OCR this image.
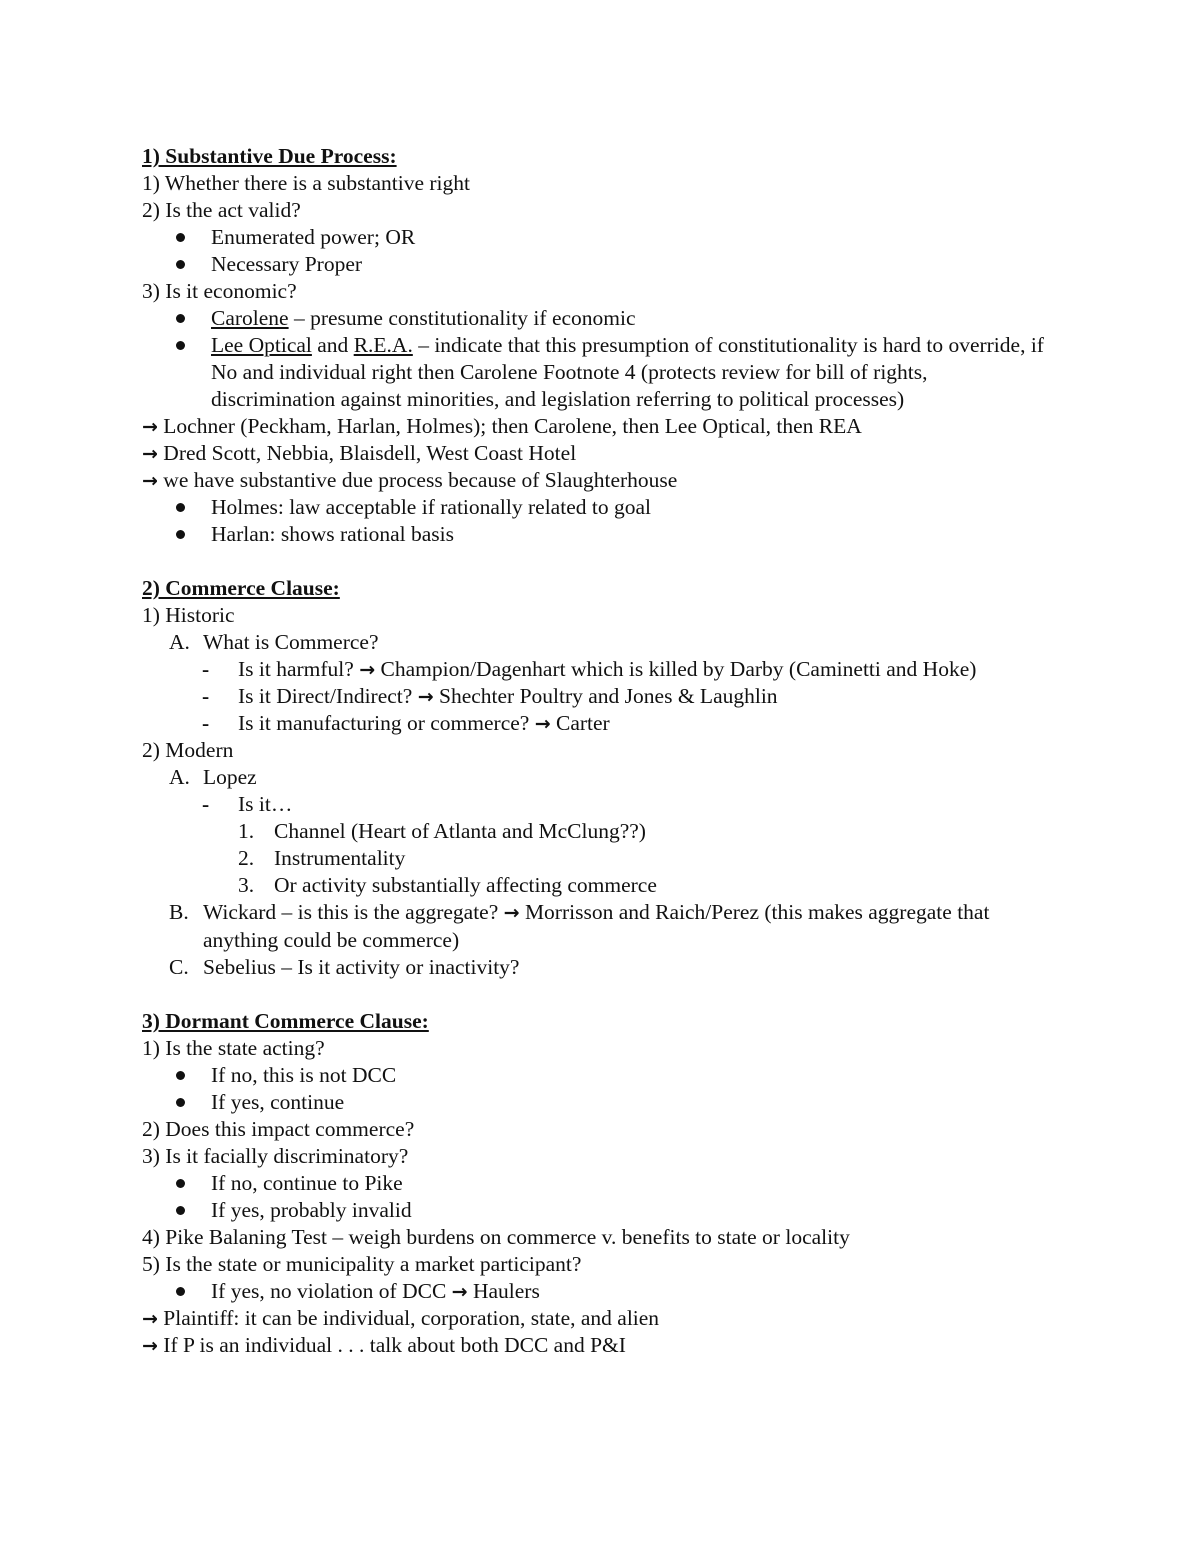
1) Substantive Due Process:
1) Whether there is a substantive right
2) Is the act valid?
Enumerated power; OR
Necessary Proper
3) Is it economic?
Carolene – presume constitutionality if economic
Lee Optical and R.E.A. – indicate that this presumption of constitutionality is hard to override, if No and individual right then Carolene Footnote 4 (protects review for bill of rights, discrimination against minorities, and legislation referring to political processes)
→ Lochner (Peckham, Harlan, Holmes); then Carolene, then Lee Optical, then REA
→ Dred Scott, Nebbia, Blaisdell, West Coast Hotel
→ we have substantive due process because of Slaughterhouse
Holmes: law acceptable if rationally related to goal
Harlan: shows rational basis
2) Commerce Clause:
1) Historic
A. What is Commerce?
- Is it harmful? → Champion/Dagenhart which is killed by Darby (Caminetti and Hoke)
- Is it Direct/Indirect? → Shechter Poultry and Jones & Laughlin
- Is it manufacturing or commerce? → Carter
2) Modern
A. Lopez
- Is it…
1. Channel (Heart of Atlanta and McClung??)
2. Instrumentality
3. Or activity substantially affecting commerce
B. Wickard – is this is the aggregate? → Morrisson and Raich/Perez (this makes aggregate that anything could be commerce)
C. Sebelius – Is it activity or inactivity?
3) Dormant Commerce Clause:
1) Is the state acting?
If no, this is not DCC
If yes, continue
2) Does this impact commerce?
3) Is it facially discriminatory?
If no, continue to Pike
If yes, probably invalid
4) Pike Balaning Test – weigh burdens on commerce v. benefits to state or locality
5) Is the state or municipality a market participant?
If yes, no violation of DCC → Haulers
→ Plaintiff: it can be individual, corporation, state, and alien
→ If P is an individual . . . talk about both DCC and P&I
